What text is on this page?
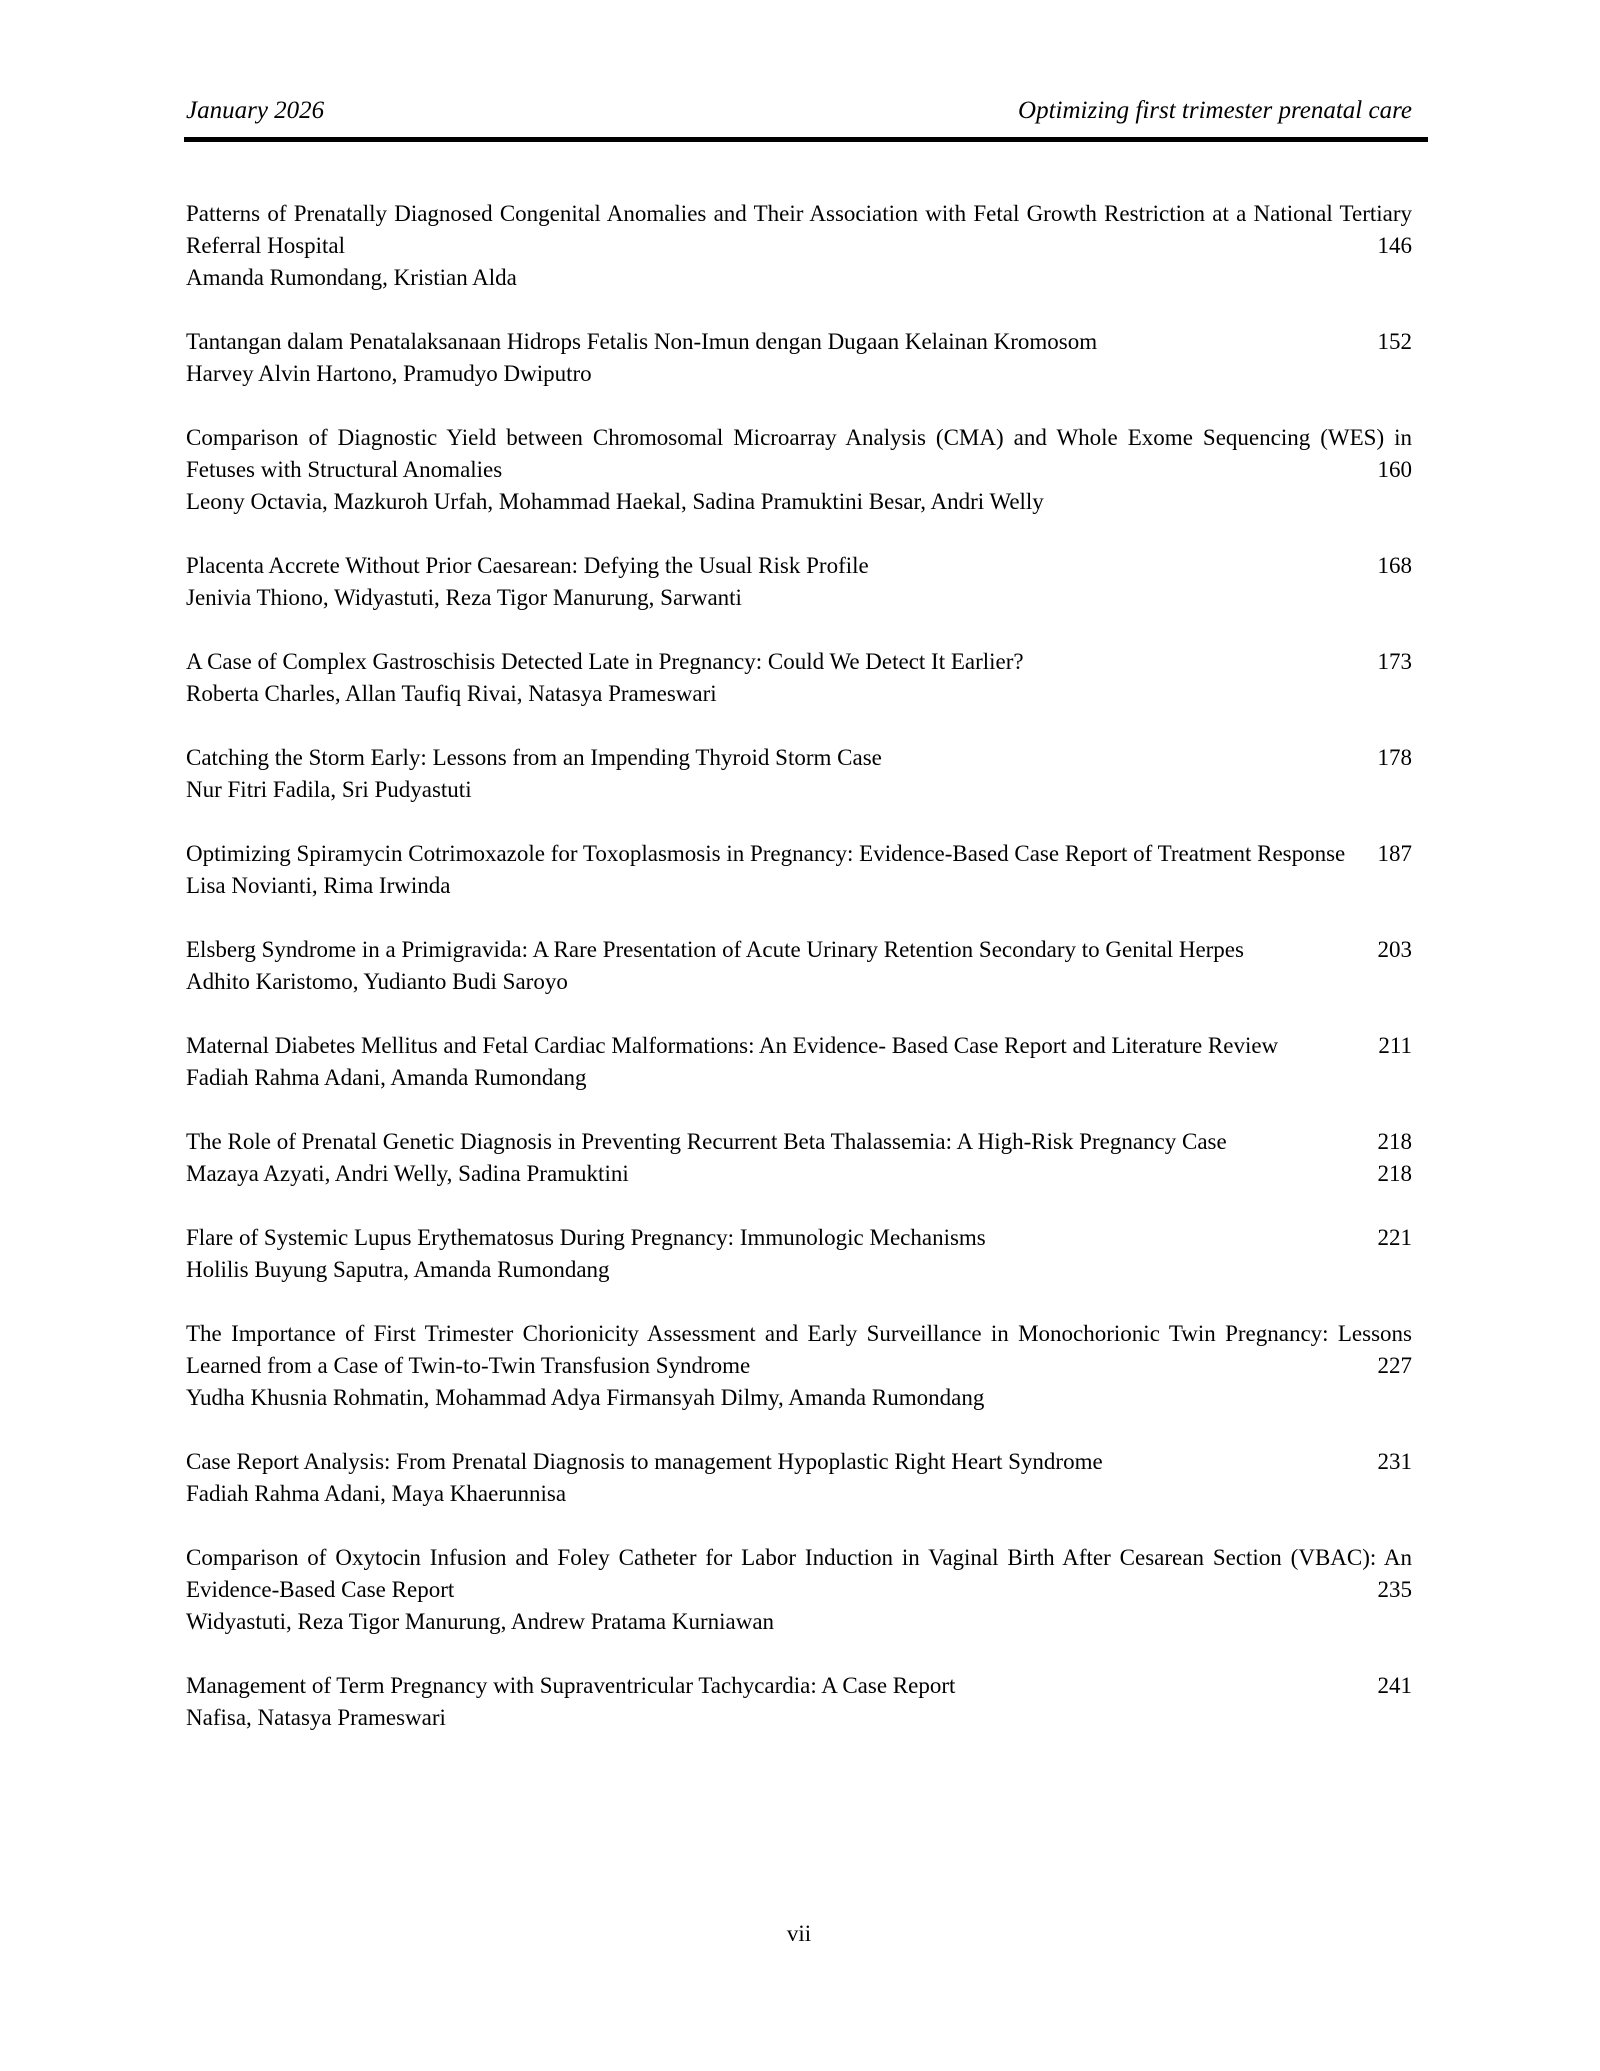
January 2026	Optimizing first trimester prenatal care
Patterns of Prenatally Diagnosed Congenital Anomalies and Their Association with Fetal Growth Restriction at a National Tertiary Referral Hospital	146
Amanda Rumondang, Kristian Alda
Tantangan dalam Penatalaksanaan Hidrops Fetalis Non-Imun dengan Dugaan Kelainan Kromosom	152
Harvey Alvin Hartono, Pramudyo Dwiputro
Comparison of Diagnostic Yield between Chromosomal Microarray Analysis (CMA) and Whole Exome Sequencing (WES) in Fetuses with Structural Anomalies	160
Leony Octavia, Mazkuroh Urfah, Mohammad Haekal, Sadina Pramuktini Besar, Andri Welly
Placenta Accrete Without Prior Caesarean: Defying the Usual Risk Profile	168
Jenivia Thiono, Widyastuti, Reza Tigor Manurung, Sarwanti
A Case of Complex Gastroschisis Detected Late in Pregnancy: Could We Detect It Earlier?	173
Roberta Charles, Allan Taufiq Rivai, Natasya Prameswari
Catching the Storm Early: Lessons from an Impending Thyroid Storm Case	178
Nur Fitri Fadila, Sri Pudyastuti
Optimizing Spiramycin Cotrimoxazole for Toxoplasmosis in Pregnancy: Evidence-Based Case Report of Treatment Response 187
Lisa Novianti, Rima Irwinda
Elsberg Syndrome in a Primigravida: A Rare Presentation of Acute Urinary Retention Secondary to Genital Herpes	203
Adhito Karistomo, Yudianto Budi Saroyo
Maternal Diabetes Mellitus and Fetal Cardiac Malformations: An Evidence- Based Case Report and Literature Review	211
Fadiah Rahma Adani, Amanda Rumondang
The Role of Prenatal Genetic Diagnosis in Preventing Recurrent Beta Thalassemia: A High-Risk Pregnancy Case	218
Mazaya Azyati, Andri Welly, Sadina Pramuktini	218
Flare of Systemic Lupus Erythematosus During Pregnancy: Immunologic Mechanisms	221
Holilis Buyung Saputra, Amanda Rumondang
The Importance of First Trimester Chorionicity Assessment and Early Surveillance in Monochorionic Twin Pregnancy: Lessons Learned from a Case of Twin-to-Twin Transfusion Syndrome	227
Yudha Khusnia Rohmatin, Mohammad Adya Firmansyah Dilmy, Amanda Rumondang
Case Report Analysis: From Prenatal Diagnosis to management Hypoplastic Right Heart Syndrome	231
Fadiah Rahma Adani, Maya Khaerunnisa
Comparison of Oxytocin Infusion and Foley Catheter for Labor Induction in Vaginal Birth After Cesarean Section (VBAC): An Evidence-Based Case Report	235
Widyastuti, Reza Tigor Manurung, Andrew Pratama Kurniawan
Management of Term Pregnancy with Supraventricular Tachycardia: A Case Report	241
Nafisa, Natasya Prameswari
vii
